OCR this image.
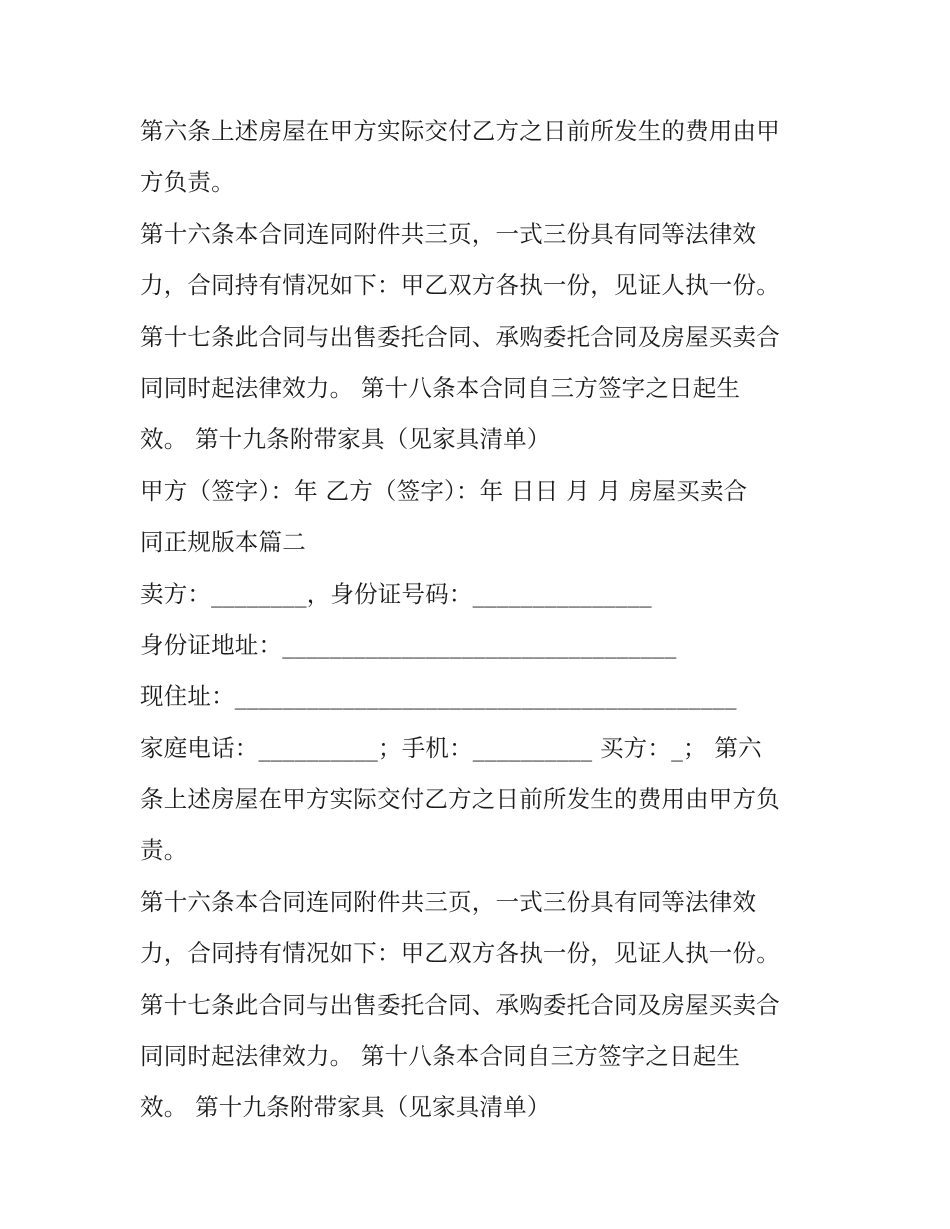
第六条上述房屋在甲方实际交付乙方之日前所发生的费用由甲
方负责。
第十六条本合同连同附件共三页，一式三份具有同等法律效
力，合同持有情况如下：甲乙双方各执一份，见证人执一份。
第十七条此合同与出售委托合同、承购委托合同及房屋买卖合
同同时起法律效力。 第十八条本合同自三方签字之日起生
效。 第十九条附带家具（见家具清单）
甲方（签字）：年 乙方（签字）：年 日日 月 月 房屋买卖合
同正规版本篇二
卖方：________，身份证号码：_______________
身份证地址：_________________________________
现住址：__________________________________________
家庭电话：__________；手机：__________ 买方：_； 第六
条上述房屋在甲方实际交付乙方之日前所发生的费用由甲方负
责。
第十六条本合同连同附件共三页，一式三份具有同等法律效
力，合同持有情况如下：甲乙双方各执一份，见证人执一份。
第十七条此合同与出售委托合同、承购委托合同及房屋买卖合
同同时起法律效力。 第十八条本合同自三方签字之日起生
效。 第十九条附带家具（见家具清单）
